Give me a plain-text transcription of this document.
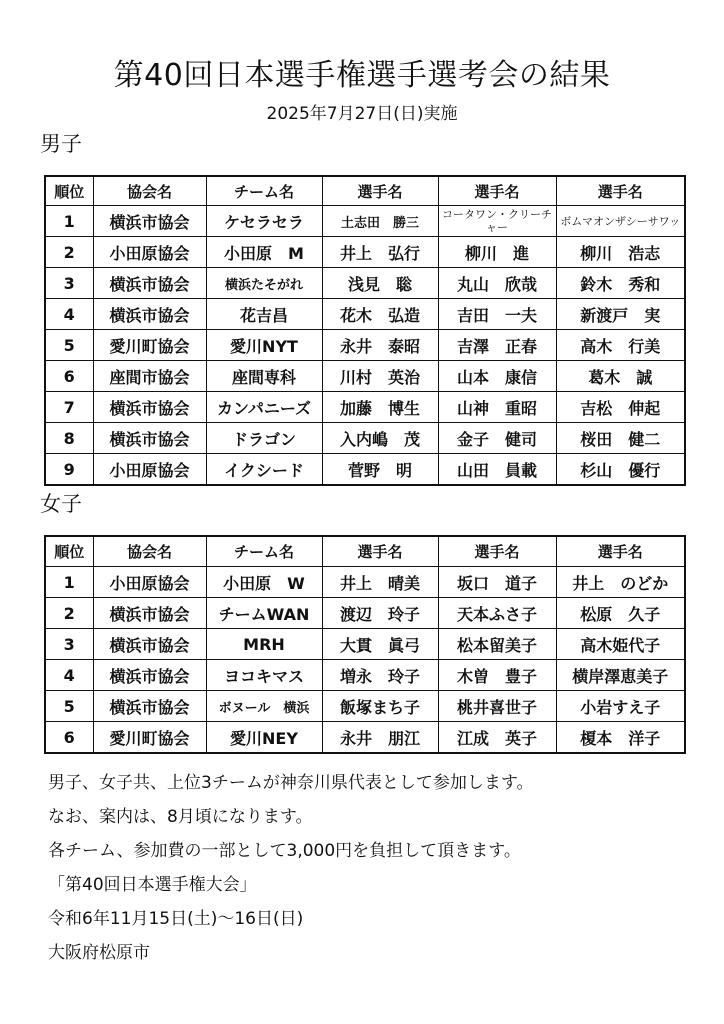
第40回日本選手権選手選考会の結果
2025年7月27日(日)実施
男子
順位	協会名	チーム名	選手名	選手名	選手名
1	横浜市協会	ケセラセラ	土志田　勝三	コータワン・クリーチャー	ボムマオンザシーサワッ
2	小田原協会	小田原　M	井上　弘行	柳川　進	柳川　浩志
3	横浜市協会	横浜たそがれ	浅見　聡	丸山　欣哉	鈴木　秀和
4	横浜市協会	花吉昌	花木　弘造	吉田　一夫	新渡戸　実
5	愛川町協会	愛川NYT	永井　泰昭	吉澤　正春	高木　行美
6	座間市協会	座間専科	川村　英治	山本　康信	葛木　誠
7	横浜市協会	カンパニーズ	加藤　博生	山神　重昭	吉松　伸起
8	横浜市協会	ドラゴン	入内嶋　茂	金子　健司	桜田　健二
9	小田原協会	イクシード	菅野　明	山田　員載	杉山　優行
女子
順位	協会名	チーム名	選手名	選手名	選手名
1	小田原協会	小田原　W	井上　晴美	坂口　道子	井上　のどか
2	横浜市協会	チームWAN	渡辺　玲子	天本ふさ子	松原　久子
3	横浜市協会	MRH	大貫　眞弓	松本留美子	高木姫代子
4	横浜市協会	ヨコキマス	増永　玲子	木曽　豊子	横岸澤恵美子
5	横浜市協会	ボヌール　横浜	飯塚まち子	桃井喜世子	小岩すえ子
6	愛川町協会	愛川NEY	永井　朋江	江成　英子	榎本　洋子

男子、女子共、上位3チームが神奈川県代表として参加します。

なお、案内は、8月頃になります。

各チーム、参加費の一部として3,000円を負担して頂きます。

「第40回日本選手権大会」

令和6年11月15日(土)～16日(日)

大阪府松原市
